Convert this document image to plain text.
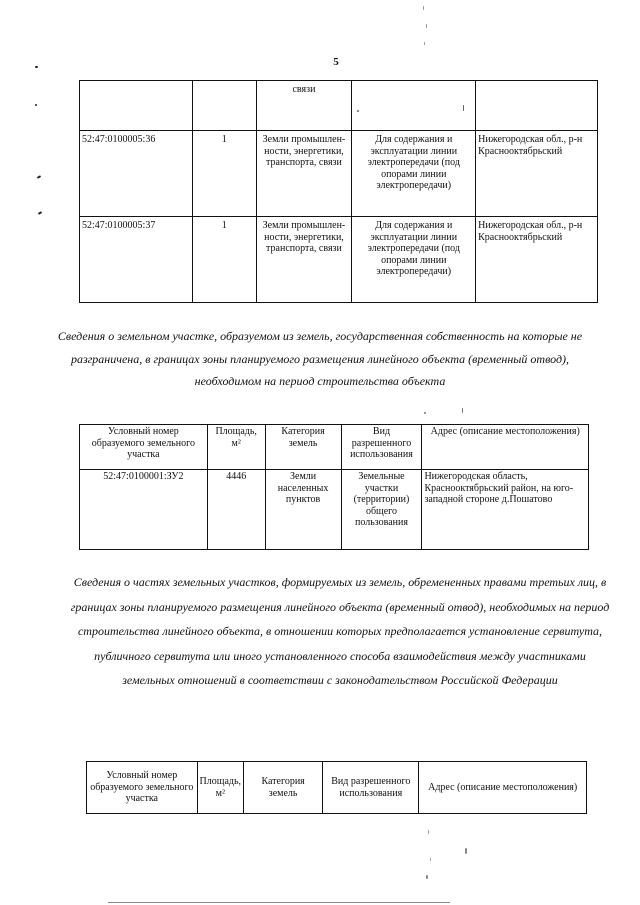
5
		связи		
52:47:0100005:36	1	Земли промышлен-ности, энергетики, транспорта, связи	Для содержания и эксплуатации линии электропередачи (под опорами линии электропередачи)	Нижегородская обл., р-н Краснооктябрьский
52:47:0100005:37	1	Земли промышлен-ности, энергетики, транспорта, связи	Для содержания и эксплуатации линии электропередачи (под опорами линии электропередачи)	Нижегородская обл., р-н Краснооктябрьский
Сведения о земельном участке, образуемом из земель, государственная собственность на которые не разграничена, в границах зоны планируемого размещения линейного объекта (временный отвод), необходимом на период строительства объекта
Условный номер образуемого земельного участка	Площадь, м²	Категория земель	Вид разрешенного использования	Адрес (описание местоположения)
52:47:0100001:ЗУ2	4446	Земли населенных пунктов	Земельные участки (территории) общего пользования	Нижегородская область, Краснооктябрьский район, на юго-западной стороне д.Пошатово
Сведения о частях земельных участков, формируемых из земель, обремененных правами третьих лиц, в границах зоны планируемого размещения линейного объекта (временный отвод), необходимых на период строительства линейного объекта, в отношении которых предполагается установление сервитута, публичного сервитута или иного установленного способа взаимодействия между участниками земельных отношений в соответствии с законодательством Российской Федерации
Условный номер образуемого земельного участка	Площадь, м²	Категория земель	Вид разрешенного использования	Адрес (описание местоположения)
